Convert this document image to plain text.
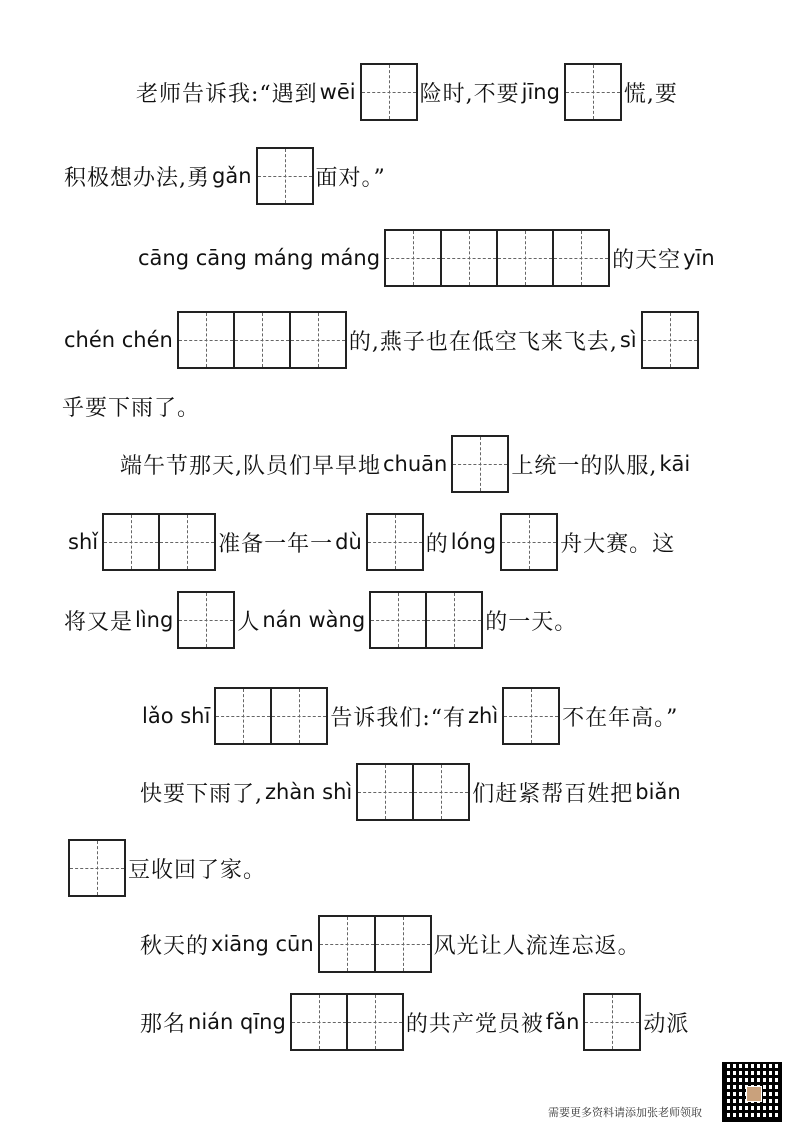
老师告诉我:“遇到 wēi	险时,不要 jīng	慌,要
积极想办法,勇 gǎn	面对。”
cāng cāng máng máng	的天空 yīn
chén chén	的,燕子也在低空飞来飞去, sì
乎要下雨了。
端午节那天,队员们早早地 chuān	上统一的队服, kāi
shǐ	准备一年一 dù	的 lóng	舟大赛。这
将又是 lìng	人 nán wàng	的一天。
lǎo shī	告诉我们:“有 zhì	不在年高。”
快要下雨了, zhàn shì	们赶紧帮百姓把 biǎn
豆收回了家。
秋天的 xiāng cūn	风光让人流连忘返。
那名 nián qīng	的共产党员被 fǎn	动派
需要更多资料请添加张老师领取
